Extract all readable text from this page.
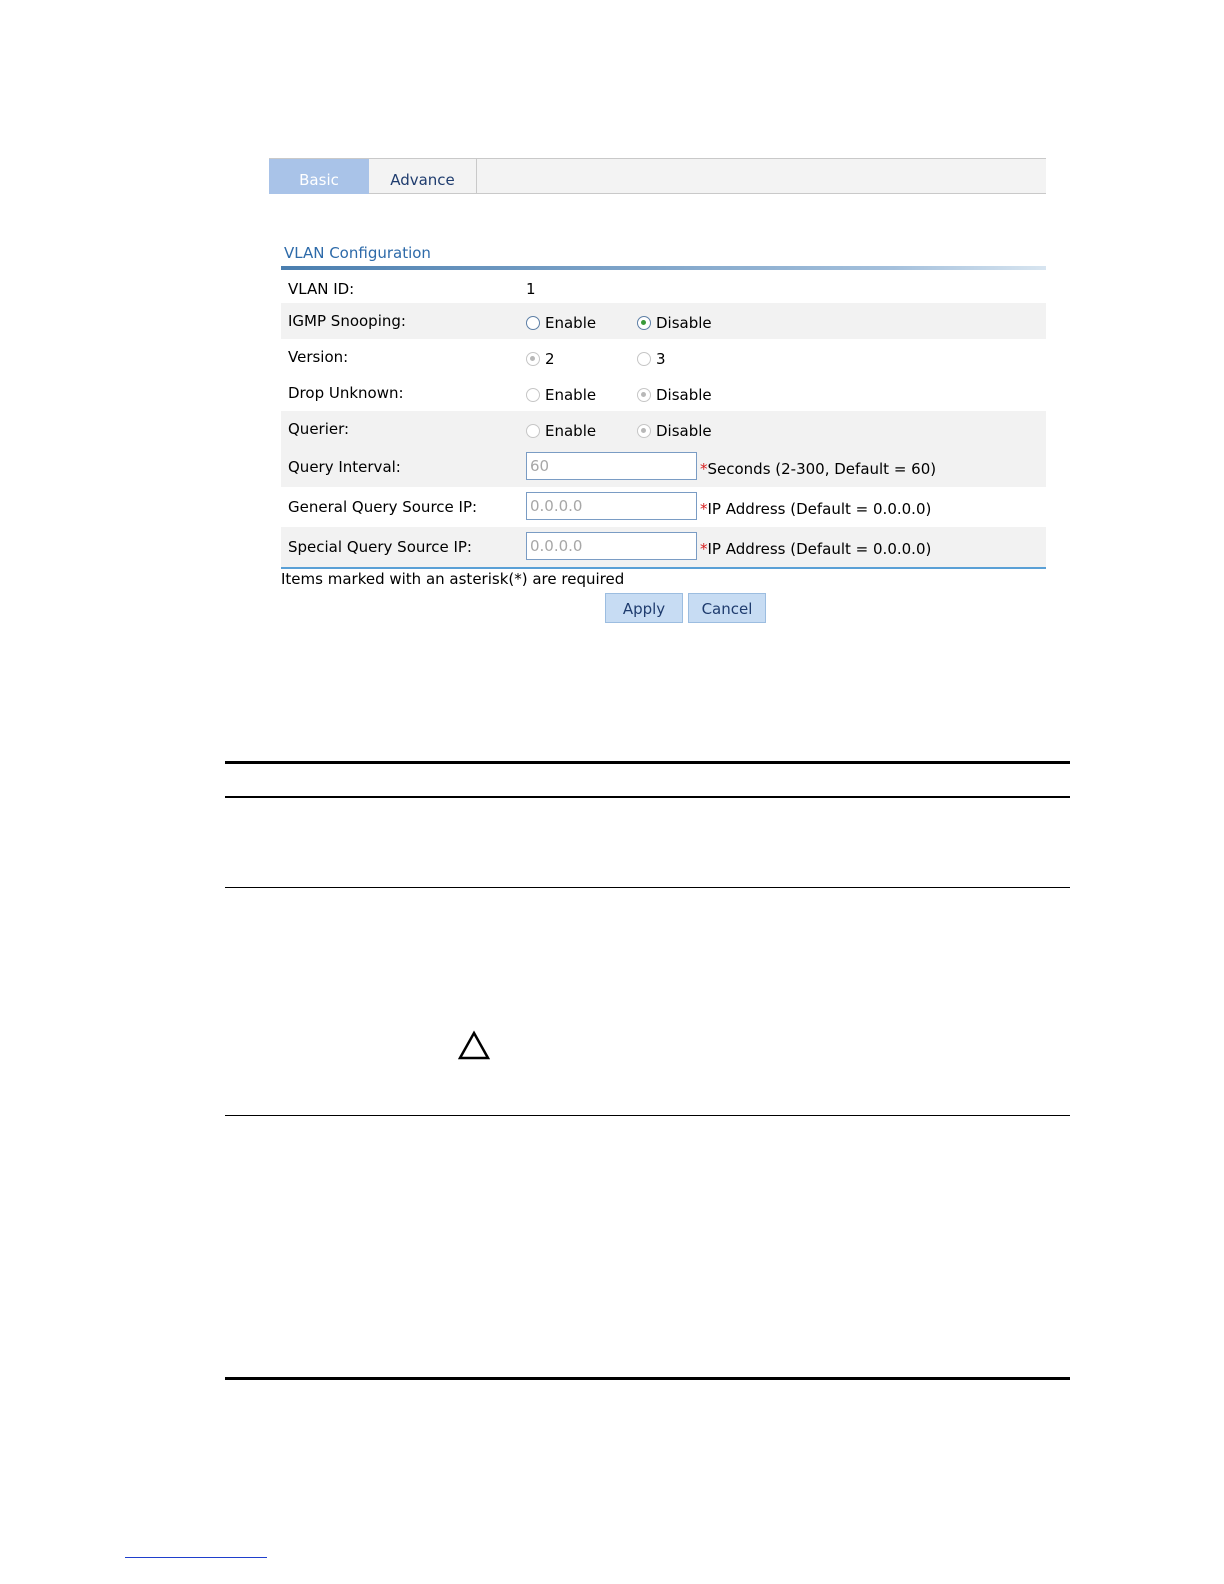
Basic	Advance
VLAN Configuration
VLAN ID:	1
IGMP Snooping:	Enable	Disable
Version:	2	3
Drop Unknown:	Enable	Disable
Querier:	Enable	Disable
Query Interval:	60	*Seconds (2-300, Default = 60)
General Query Source IP:	0.0.0.0	*IP Address (Default = 0.0.0.0)
Special Query Source IP:	0.0.0.0	*IP Address (Default = 0.0.0.0)
Items marked with an asterisk(*) are required
Apply	Cancel
